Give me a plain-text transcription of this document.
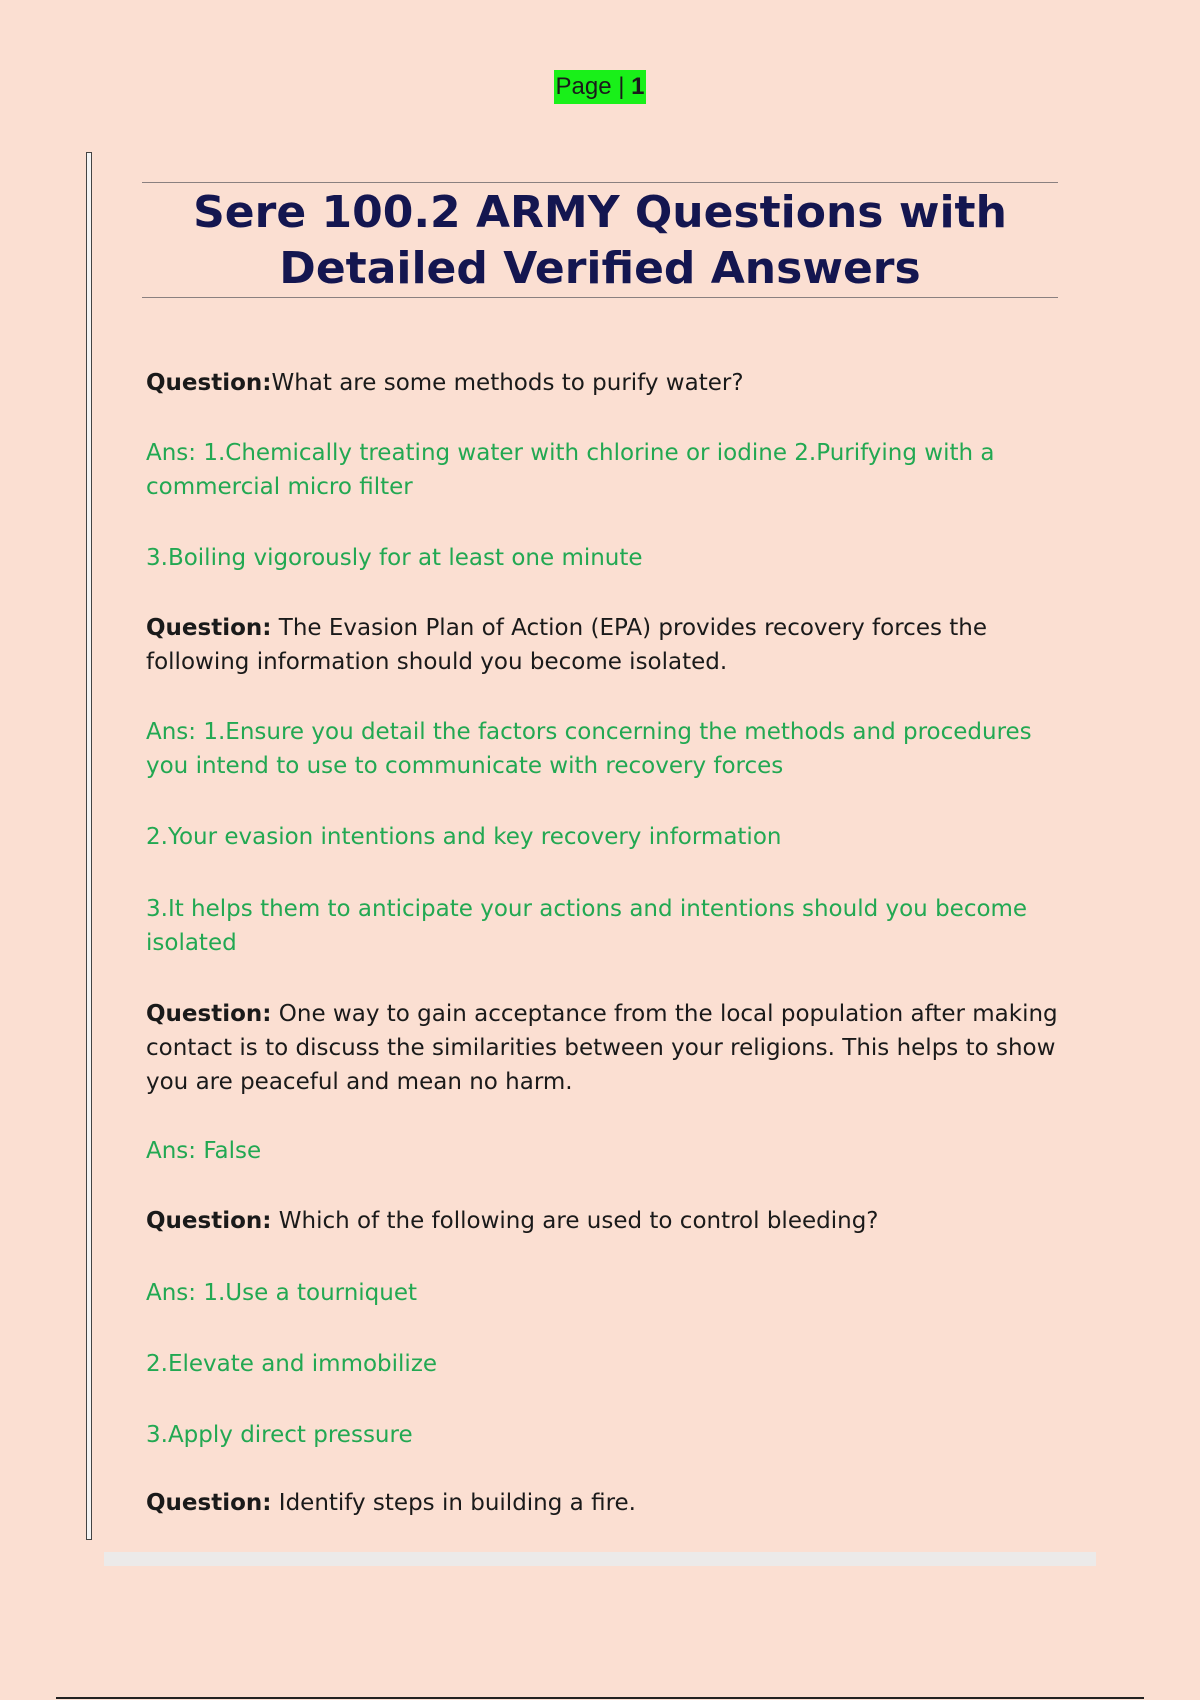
Page | 1
Sere 100.2 ARMY Questions with
Detailed Verified Answers

Question:What are some methods to purify water?

Ans: 1.Chemically treating water with chlorine or iodine 2.Purifying with a commercial micro filter

3.Boiling vigorously for at least one minute

Question: The Evasion Plan of Action (EPA) provides recovery forces the following information should you become isolated.

Ans: 1.Ensure you detail the factors concerning the methods and procedures you intend to use to communicate with recovery forces

2.Your evasion intentions and key recovery information

3.It helps them to anticipate your actions and intentions should you become isolated

Question: One way to gain acceptance from the local population after making contact is to discuss the similarities between your religions. This helps to show you are peaceful and mean no harm.

Ans: False

Question: Which of the following are used to control bleeding?

Ans: 1.Use a tourniquet

2.Elevate and immobilize

3.Apply direct pressure

Question: Identify steps in building a fire.
